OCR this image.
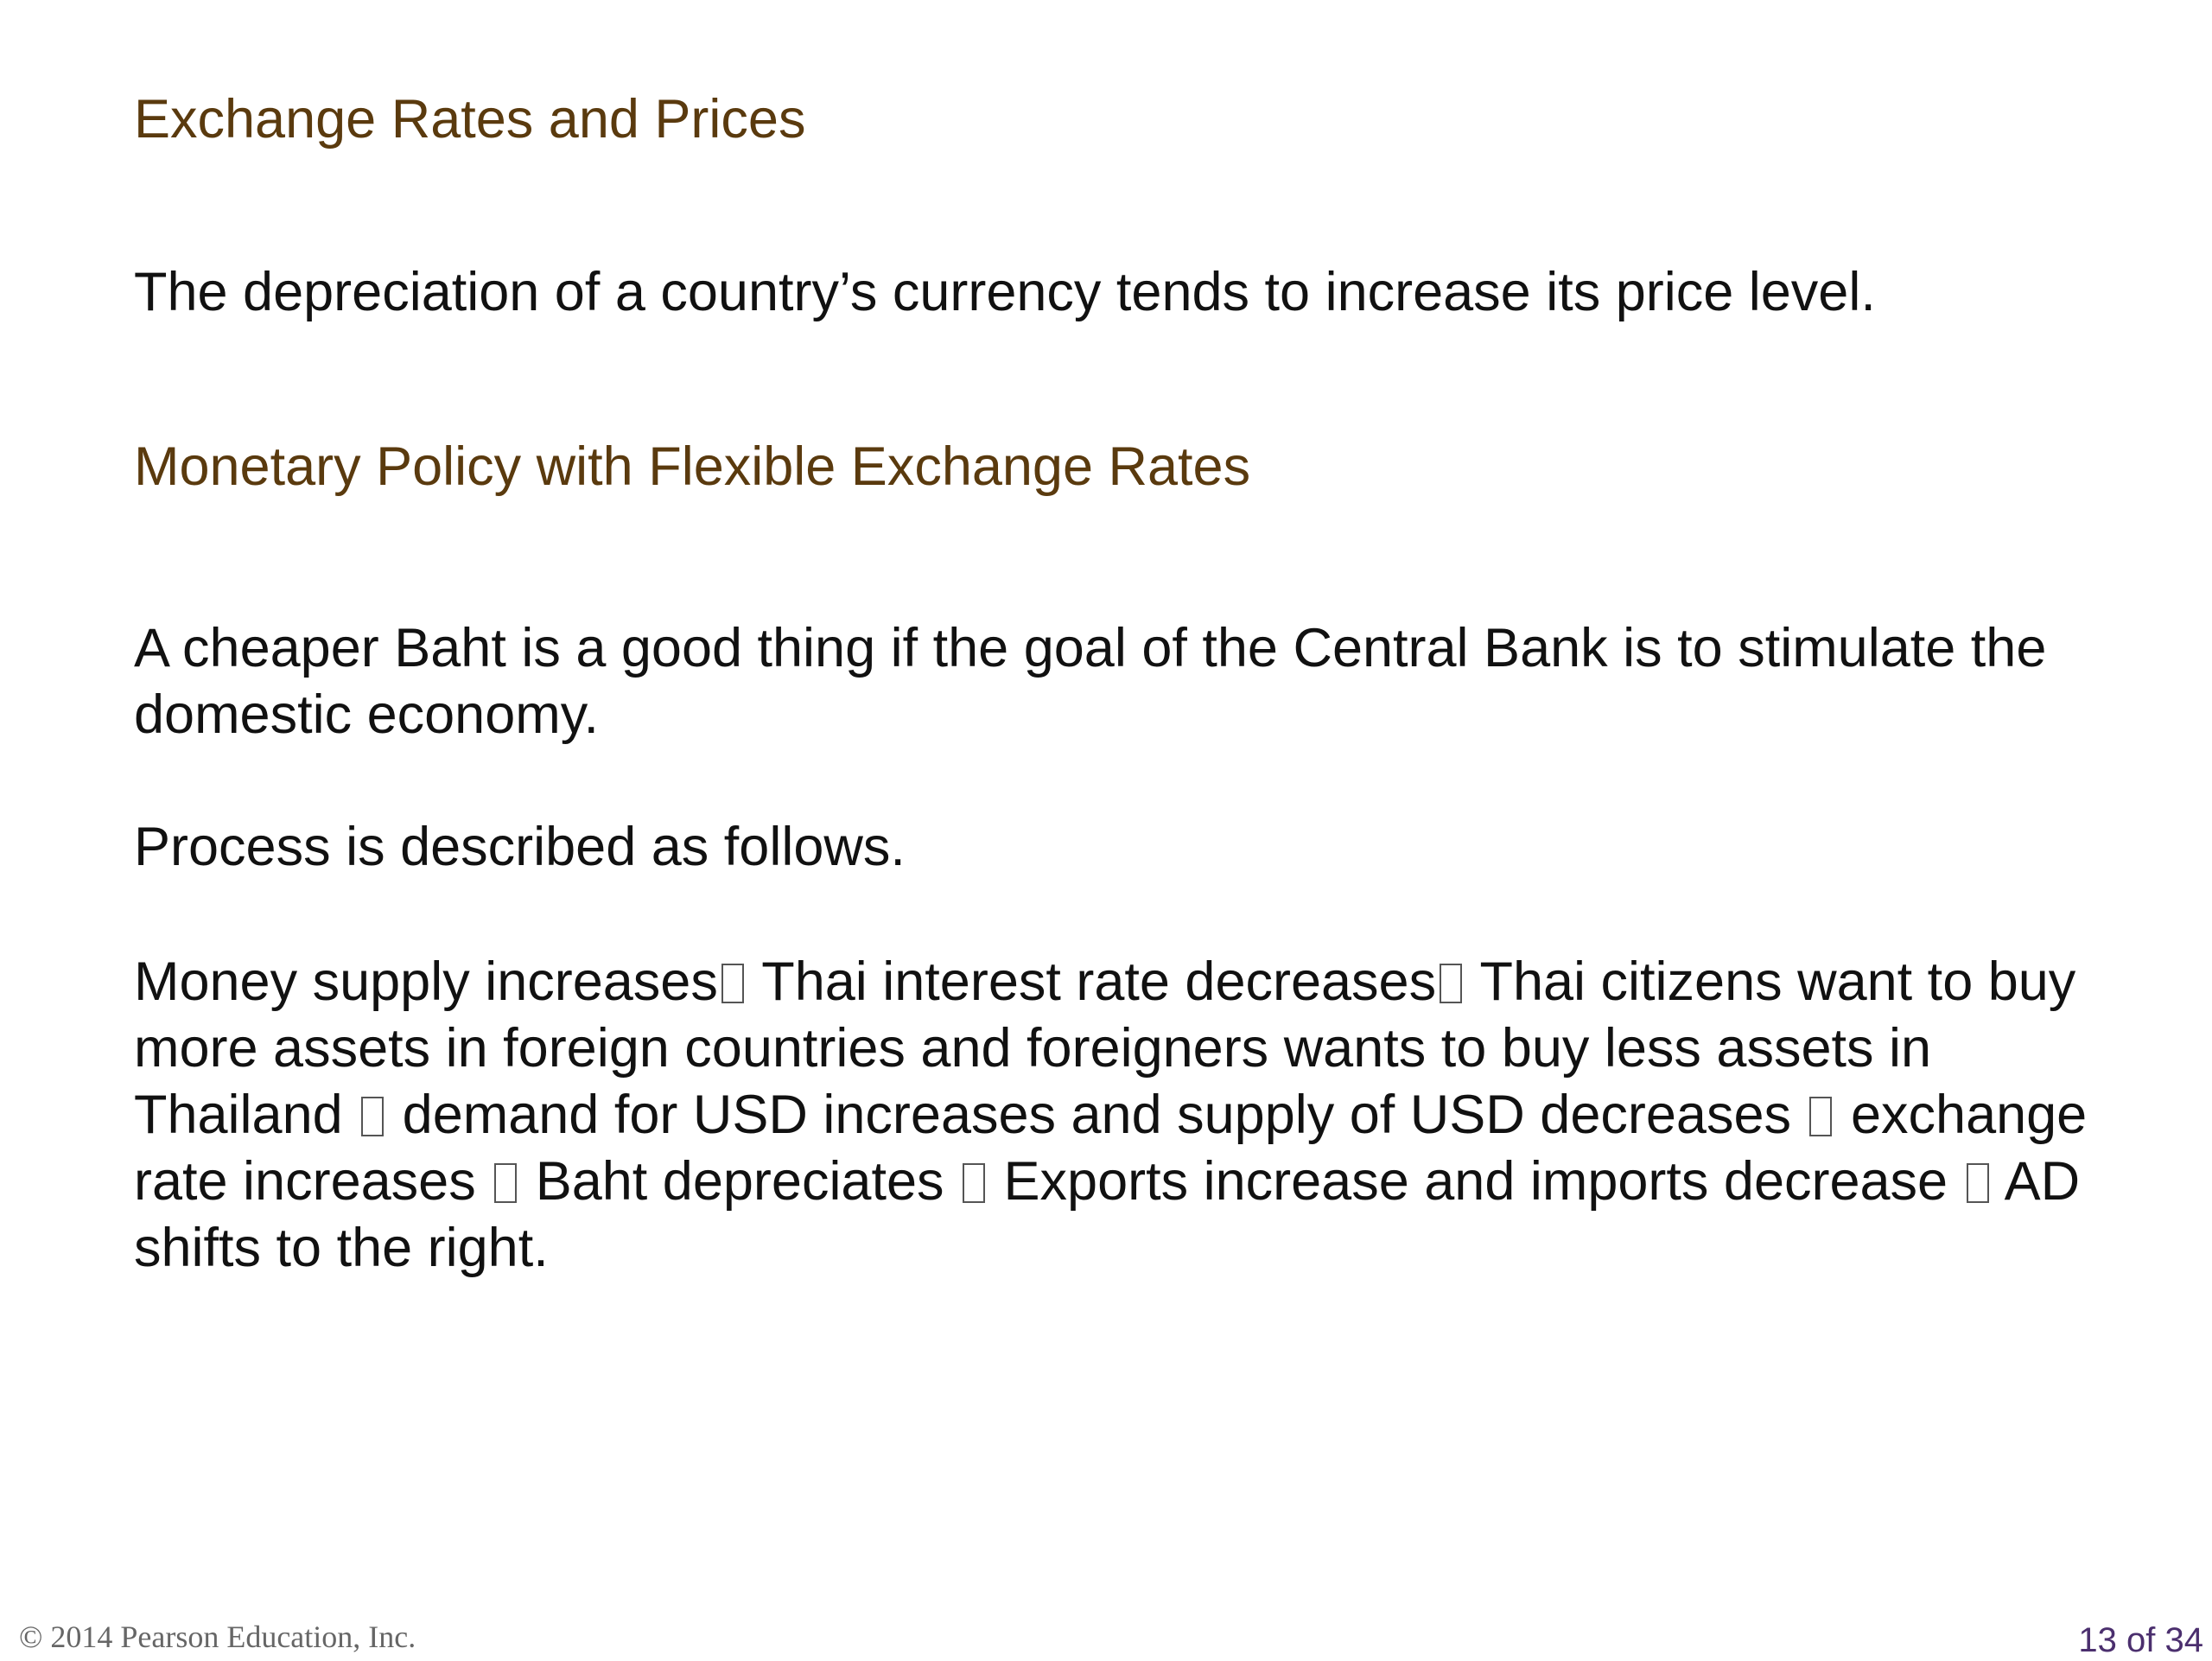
Exchange Rates and Prices
The depreciation of a country’s currency tends to increase its price level.
Monetary Policy with Flexible Exchange Rates
A cheaper Baht is a good thing if the goal of the Central Bank is to stimulate the domestic economy.
Process is described as follows.
Money supply increases Thai interest rate decreases Thai citizens want to buy more assets in foreign countries and foreigners wants to buy less assets in Thailand  demand for USD increases and supply of USD decreases  exchange rate increases  Baht depreciates  Exports increase and imports decrease  AD shifts to the right.
© 2014 Pearson Education, Inc.	13 of 34
